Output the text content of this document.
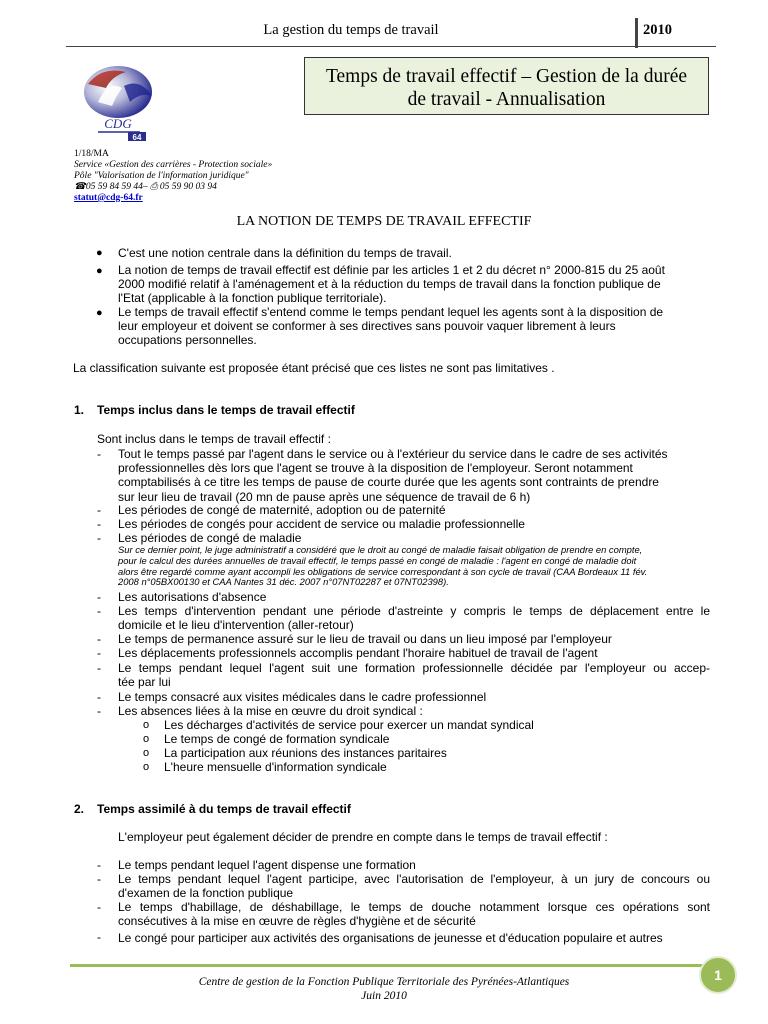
La gestion du temps de travail	2010
CDG
64
Temps de travail effectif – Gestion de la durée
de travail - Annualisation
1/18/MA
Service «Gestion des carrières - Protection sociale»
Pôle "Valorisation de l'information juridique"
☎05 59 84 59 44– ⎙ 05 59 90 03 94
statut@cdg-64.fr
LA NOTION DE TEMPS DE TRAVAIL EFFECTIF
● C'est une notion centrale dans la définition du temps de travail.
● La notion de temps de travail effectif est définie par les articles 1 et 2 du décret n° 2000-815 du 25 août
2000 modifié relatif à l'aménagement et à la réduction du temps de travail dans la fonction publique de
l'Etat (applicable à la fonction publique territoriale).
● Le temps de travail effectif s'entend comme le temps pendant lequel les agents sont à la disposition de
leur employeur et doivent se conformer à ses directives sans pouvoir vaquer librement à leurs
occupations personnelles.
La classification suivante est proposée étant précisé que ces listes ne sont pas limitatives .
1. Temps inclus dans le temps de travail effectif
Sont inclus dans le temps de travail effectif :
- Tout le temps passé par l'agent dans le service ou à l'extérieur du service dans le cadre de ses activités
professionnelles dès lors que l'agent se trouve à la disposition de l'employeur. Seront notamment
comptabilisés à ce titre les temps de pause de courte durée que les agents sont contraints de prendre
sur leur lieu de travail (20 mn de pause après une séquence de travail de 6 h)
- Les périodes de congé de maternité, adoption ou de paternité
- Les périodes de congés pour accident de service ou maladie professionnelle
- Les périodes de congé de maladie
Sur ce dernier point, le juge administratif a considéré que le droit au congé de maladie faisait obligation de prendre en compte,
pour le calcul des durées annuelles de travail effectif, le temps passé en congé de maladie : l'agent en congé de maladie doit
alors être regardé comme ayant accompli les obligations de service correspondant à son cycle de travail (CAA Bordeaux 11 fév.
2008 n°05BX00130 et CAA Nantes 31 déc. 2007 n°07NT02287 et 07NT02398).
- Les autorisations d'absence
- Les temps d'intervention pendant une période d'astreinte y compris le temps de déplacement entre le
domicile et le lieu d'intervention (aller-retour)
- Le temps de permanence assuré sur le lieu de travail ou dans un lieu imposé par l'employeur
- Les déplacements professionnels accomplis pendant l'horaire habituel de travail de l'agent
- Le temps pendant lequel l'agent suit une formation professionnelle décidée par l'employeur ou accep-
tée par lui
- Le temps consacré aux visites médicales dans le cadre professionnel
- Les absences liées à la mise en œuvre du droit syndical :
o Les décharges d'activités de service pour exercer un mandat syndical
o Le temps de congé de formation syndicale
o La participation aux réunions des instances paritaires
o L'heure mensuelle d'information syndicale
2. Temps assimilé à du temps de travail effectif
L'employeur peut également décider de prendre en compte dans le temps de travail effectif :
- Le temps pendant lequel l'agent dispense une formation
- Le temps pendant lequel l'agent participe, avec l'autorisation de l'employeur, à un jury de concours ou
d'examen de la fonction publique
- Le temps d'habillage, de déshabillage, le temps de douche notamment lorsque ces opérations sont
consécutives à la mise en œuvre de règles d'hygiène et de sécurité
- Le congé pour participer aux activités des organisations de jeunesse et d'éducation populaire et autres
1
Centre de gestion de la Fonction Publique Territoriale des Pyrénées-Atlantiques
Juin 2010
